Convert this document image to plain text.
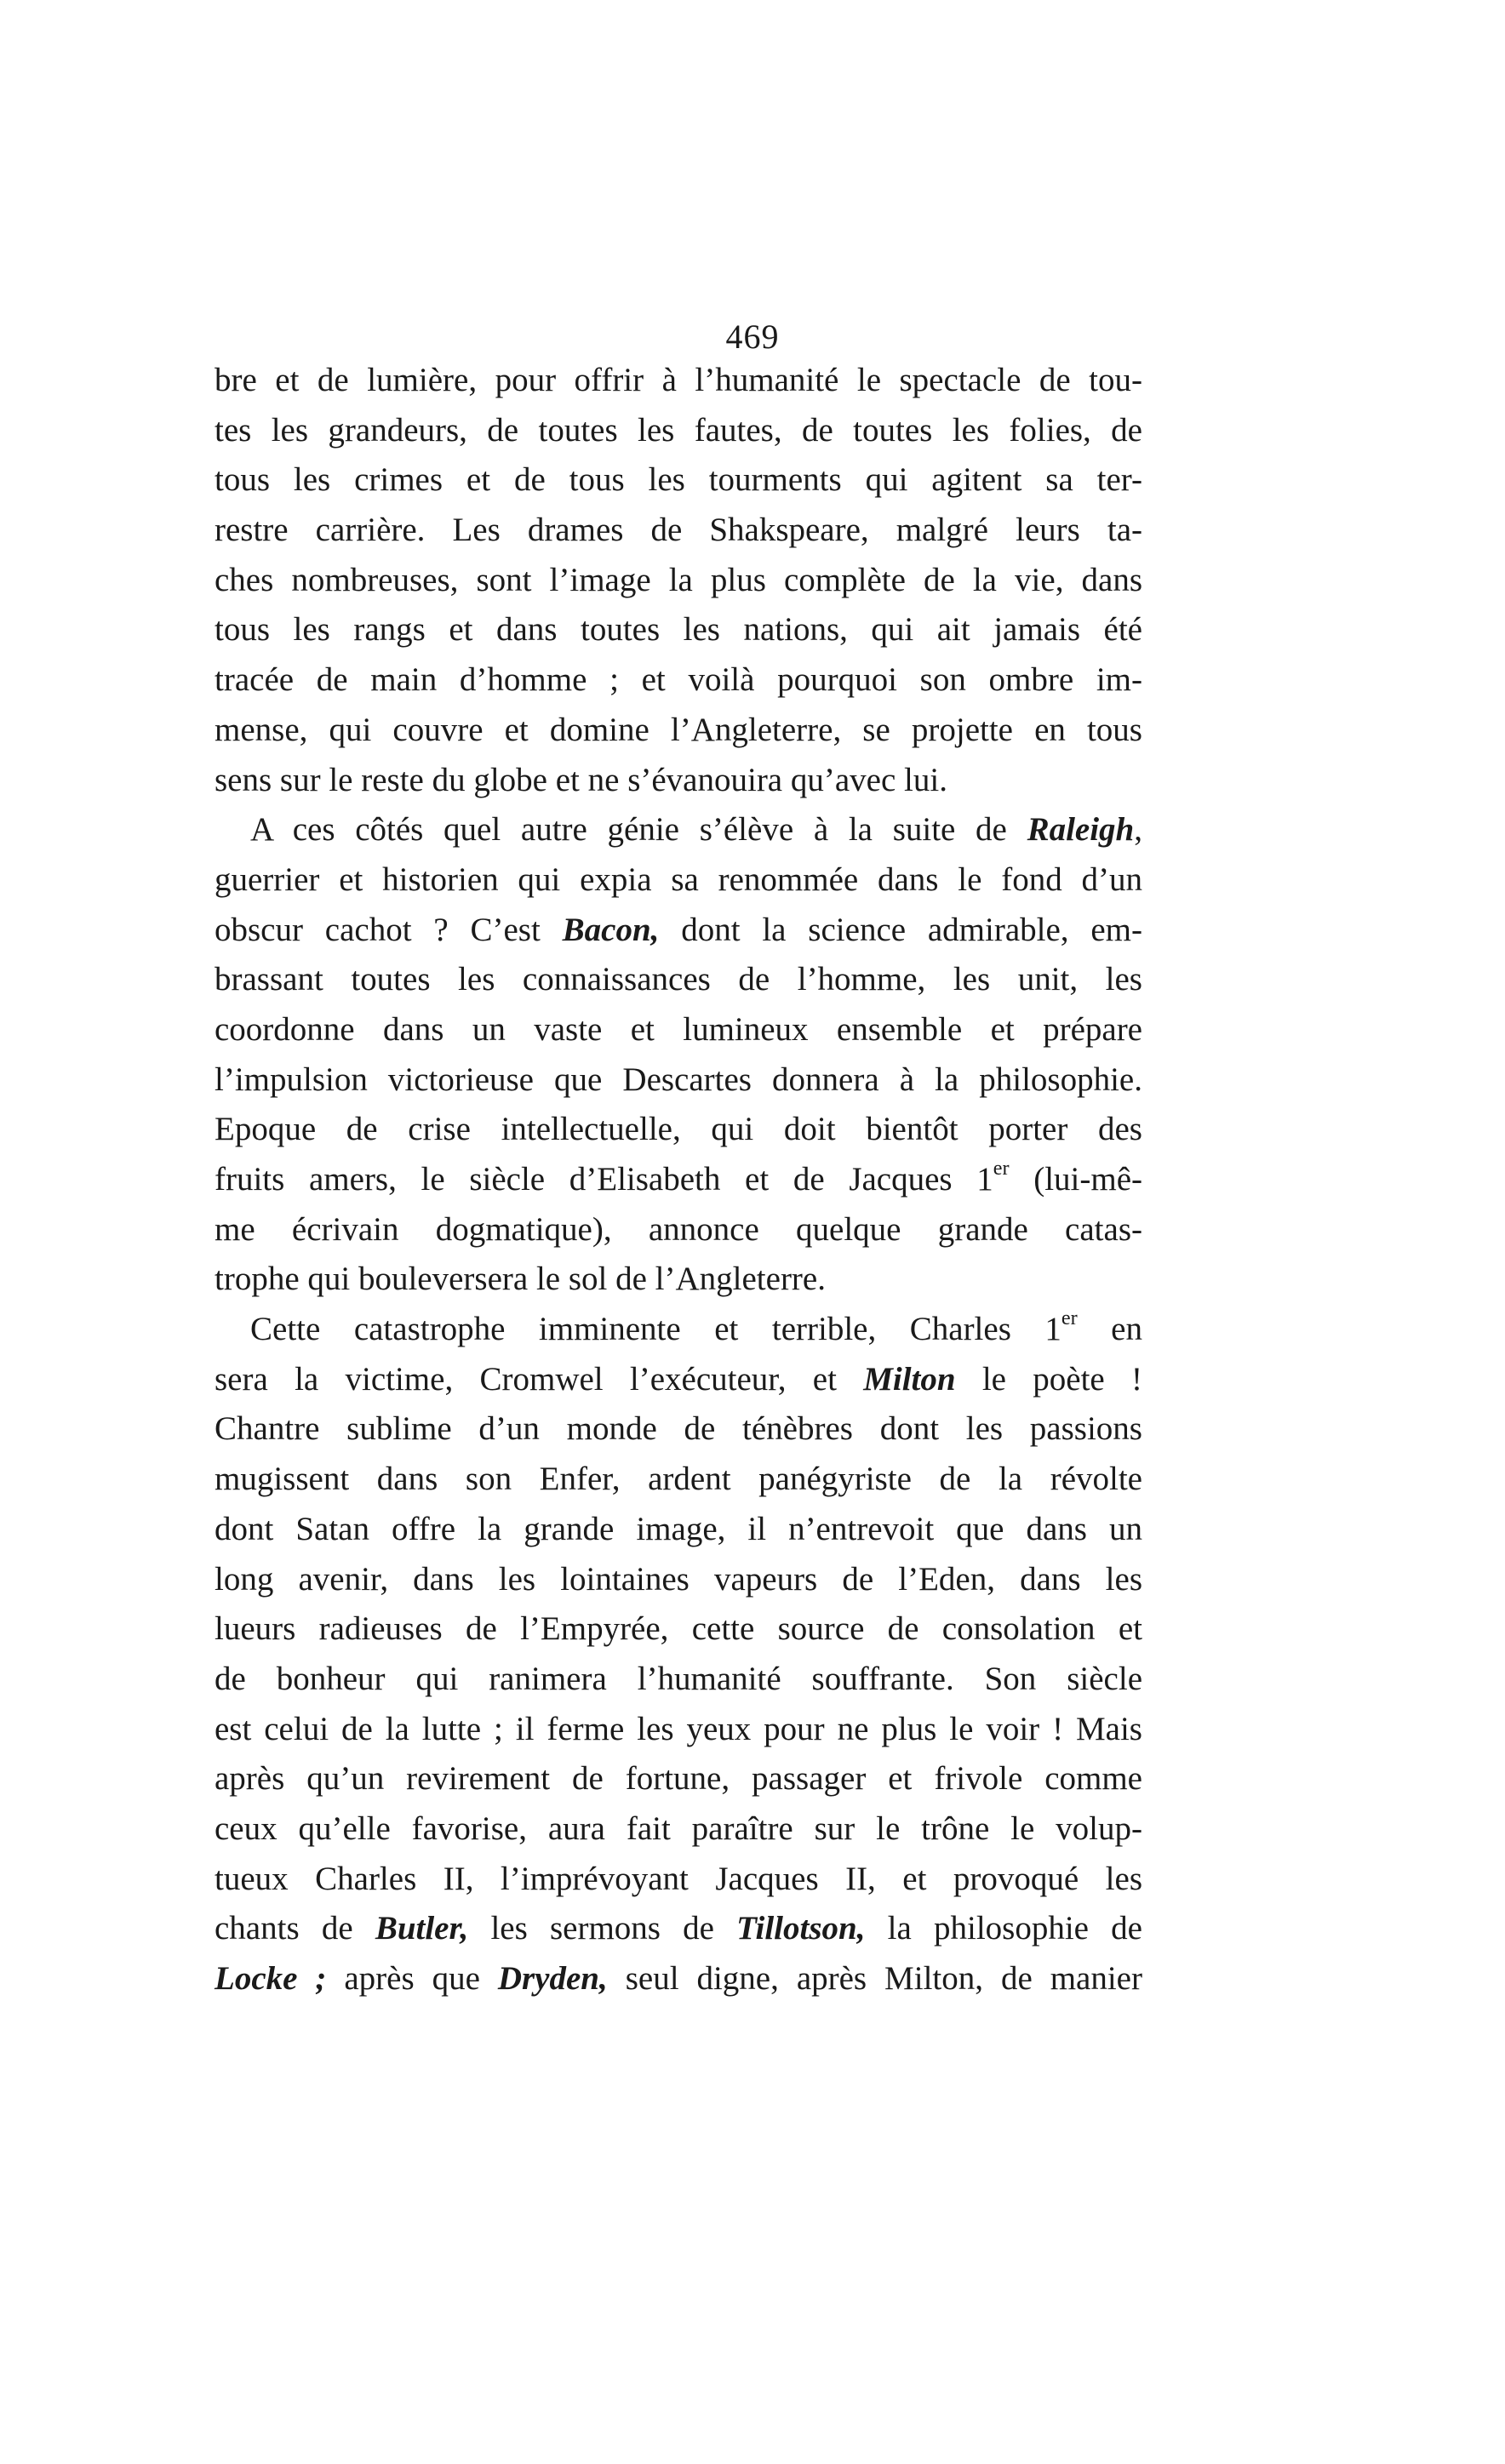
469
bre et de lumière, pour offrir à l’humanité le spectacle de tou-
tes les grandeurs, de toutes les fautes, de toutes les folies, de
tous les crimes et de tous les tourments qui agitent sa ter-
restre carrière. Les drames de Shakspeare, malgré leurs ta-
ches nombreuses, sont l’image la plus complète de la vie, dans
tous les rangs et dans toutes les nations, qui ait jamais été
tracée de main d’homme ; et voilà pourquoi son ombre im-
mense, qui couvre et domine l’Angleterre, se projette en tous
sens sur le reste du globe et ne s’évanouira qu’avec lui.
A ces côtés quel autre génie s’élève à la suite de Raleigh,
guerrier et historien qui expia sa renommée dans le fond d’un
obscur cachot ? C’est Bacon, dont la science admirable, em-
brassant toutes les connaissances de l’homme, les unit, les
coordonne dans un vaste et lumineux ensemble et prépare
l’impulsion victorieuse que Descartes donnera à la philosophie.
Epoque de crise intellectuelle, qui doit bientôt porter des
fruits amers, le siècle d’Elisabeth et de Jacques 1er (lui-mê-
me écrivain dogmatique), annonce quelque grande catas-
trophe qui bouleversera le sol de l’Angleterre.
Cette catastrophe imminente et terrible, Charles 1er en
sera la victime, Cromwel l’exécuteur, et Milton le poète !
Chantre sublime d’un monde de ténèbres dont les passions
mugissent dans son Enfer, ardent panégyriste de la révolte
dont Satan offre la grande image, il n’entrevoit que dans un
long avenir, dans les lointaines vapeurs de l’Eden, dans les
lueurs radieuses de l’Empyrée, cette source de consolation et
de bonheur qui ranimera l’humanité souffrante. Son siècle
est celui de la lutte ; il ferme les yeux pour ne plus le voir ! Mais
après qu’un revirement de fortune, passager et frivole comme
ceux qu’elle favorise, aura fait paraître sur le trône le volup-
tueux Charles II, l’imprévoyant Jacques II, et provoqué les
chants de Butler, les sermons de Tillotson, la philosophie de
Locke ; après que Dryden, seul digne, après Milton, de manier
